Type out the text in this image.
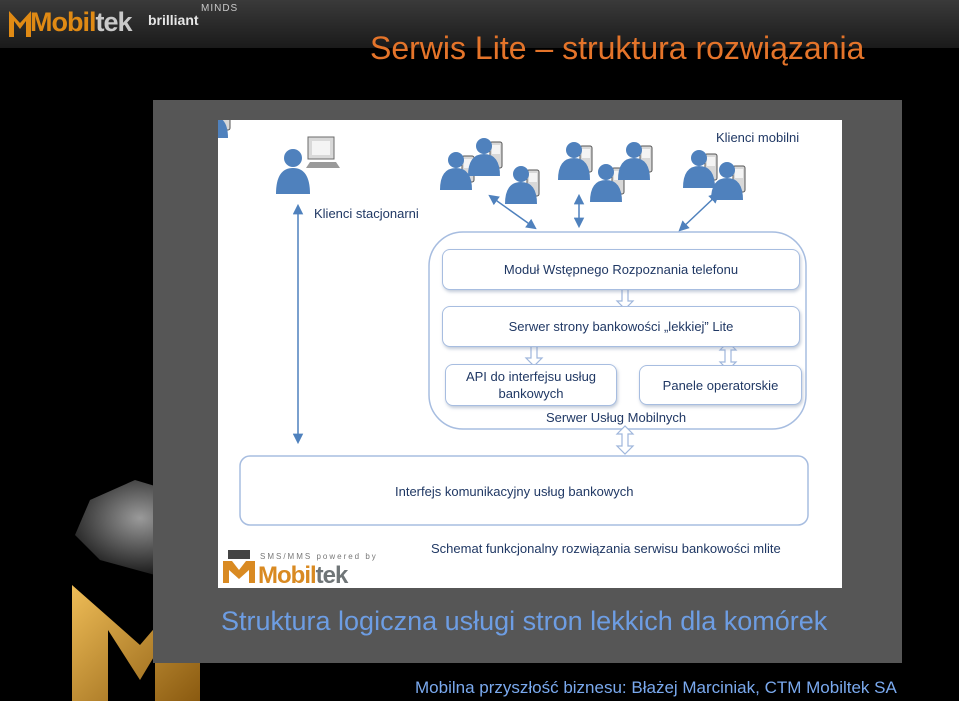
Mobiltek brilliant
MINDS
Serwis Lite – struktura rozwiązania
Klienci mobilni
Klienci stacjonarni
Moduł Wstępnego Rozpoznania telefonu
Serwer strony bankowości „lekkiej” Lite
API do interfejsu usług
bankowych
Panele operatorskie
Serwer Usług Mobilnych
Interfejs komunikacyjny usług bankowych
Schemat funkcjonalny rozwiązania serwisu bankowości mlite
SMS/MMS powered by
Mobiltek
Struktura logiczna usługi stron lekkich dla komórek
Mobilna przyszłość biznesu: Błażej Marciniak, CTM Mobiltek SA
